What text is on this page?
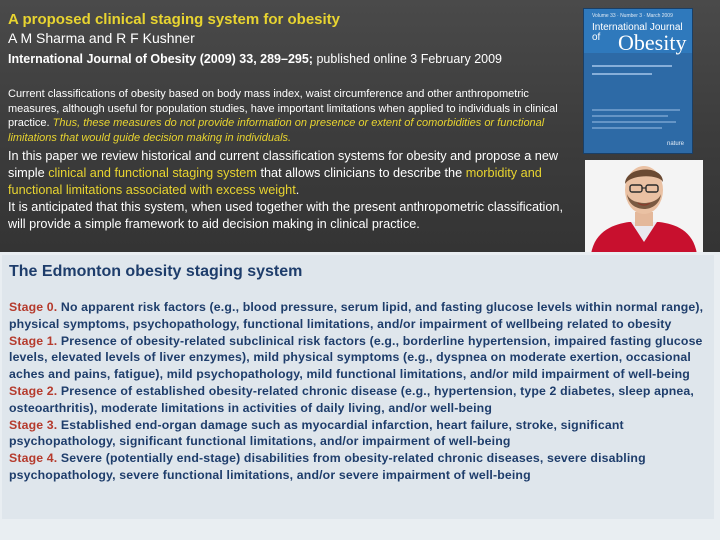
A proposed clinical staging system for obesity
A M Sharma and R F Kushner
International Journal of Obesity (2009) 33, 289–295; published online 3 February 2009
Current classifications of obesity based on body mass index, waist circumference and other anthropometric measures, although useful for population studies, have important limitations when applied to individuals in clinical practice. Thus, these measures do not provide information on presence or extent of comorbidities or functional limitations that would guide decision making in individuals.

In this paper we review historical and current classification systems for obesity and propose a new simple clinical and functional staging system that allows clinicians to describe the morbidity and functional limitations associated with excess weight.

It is anticipated that this system, when used together with the present anthropometric classification, will provide a simple framework to aid decision making in clinical practice.

Volume 33 · Number 3 · March 2009
International Journal of Obesity
nature
The Edmonton obesity staging system
Stage 0. No apparent risk factors (e.g., blood pressure, serum lipid, and fasting glucose levels within normal range), physical symptoms, psychopathology, functional limitations, and/or impairment of wellbeing related to obesity
Stage 1. Presence of obesity-related subclinical risk factors (e.g., borderline hypertension, impaired fasting glucose levels, elevated levels of liver enzymes), mild physical symptoms (e.g., dyspnea on moderate exertion, occasional aches and pains, fatigue), mild psychopathology, mild functional limitations, and/or mild impairment of well-being
Stage 2. Presence of established obesity-related chronic disease (e.g., hypertension, type 2 diabetes, sleep apnea, osteoarthritis), moderate limitations in activities of daily living, and/or well-being
Stage 3. Established end-organ damage such as myocardial infarction, heart failure, stroke, significant psychopathology, significant functional limitations, and/or impairment of well-being
Stage 4. Severe (potentially end-stage) disabilities from obesity-related chronic diseases, severe disabling psychopathology, severe functional limitations, and/or severe impairment of well-being
